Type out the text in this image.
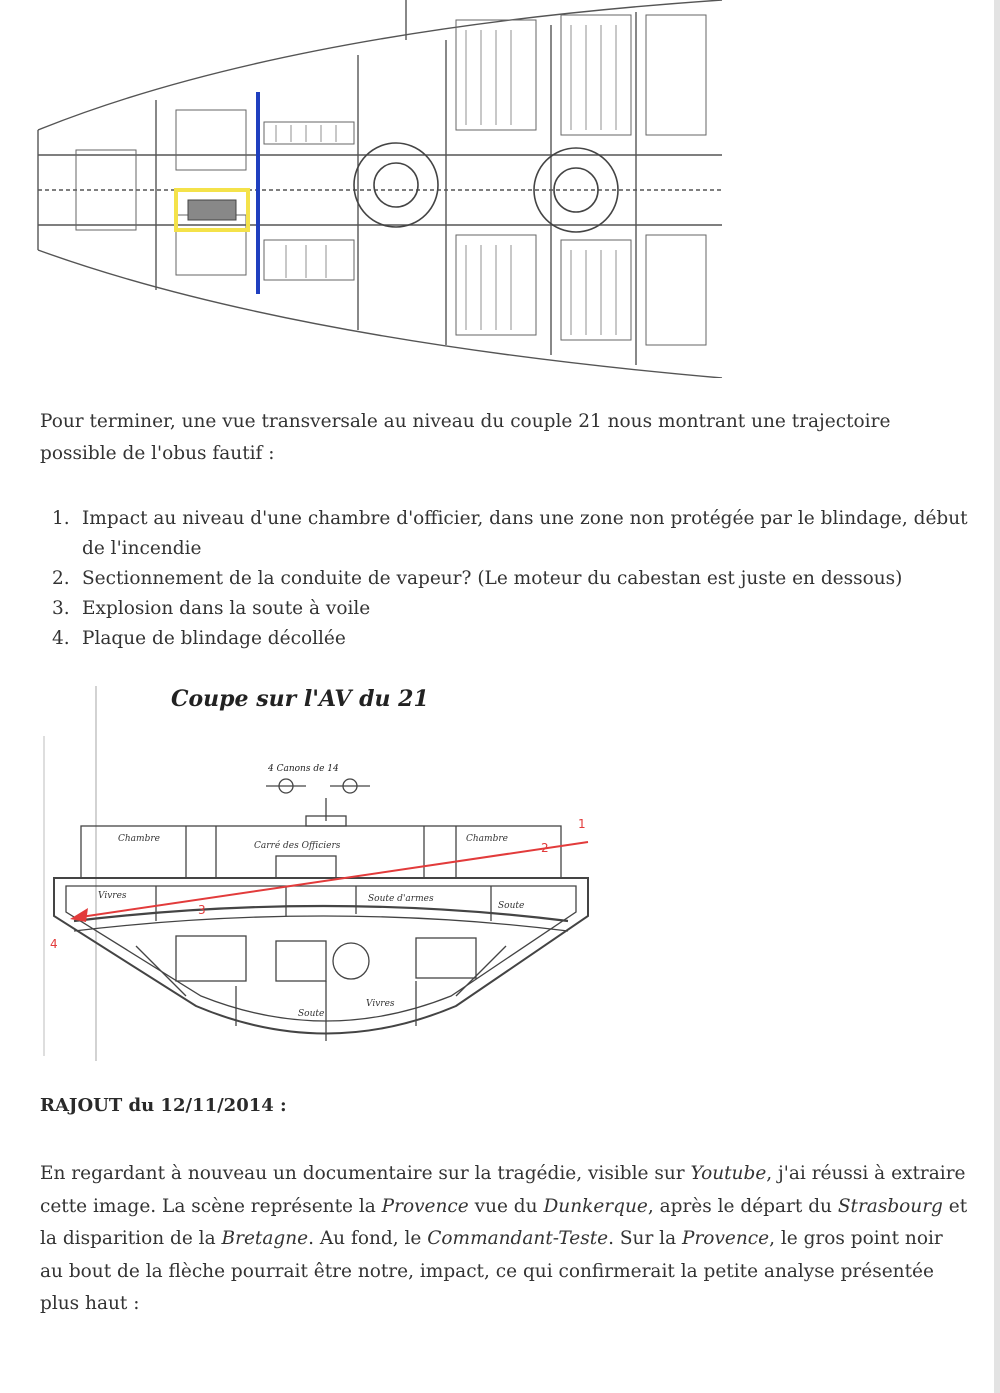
Pour terminer, une vue transversale au niveau du couple 21 nous montrant une trajectoire possible de l'obus fautif :

1. Impact au niveau d'une chambre d'officier, dans une zone non protégée par le blindage, début de l'incendie
2. Sectionnement de la conduite de vapeur? (Le moteur du cabestan est juste en dessous)
3. Explosion dans la soute à voile
4. Plaque de blindage décollée
Coupe sur l'AV du 21
4 Canons de 14
Chambre
Carré des Officiers
Chambre
Vivres	Soute d'armes
Soute
Soute
Vivres
1
2
3
4
RAJOUT du 12/11/2014 :

En regardant à nouveau un documentaire sur la tragédie, visible sur Youtube, j'ai réussi à extraire cette image. La scène représente la Provence vue du Dunkerque, après le départ du Strasbourg et la disparition de la Bretagne. Au fond, le Commandant-Teste. Sur la Provence, le gros point noir au bout de la flèche pourrait être notre, impact, ce qui confirmerait la petite analyse présentée plus haut :
